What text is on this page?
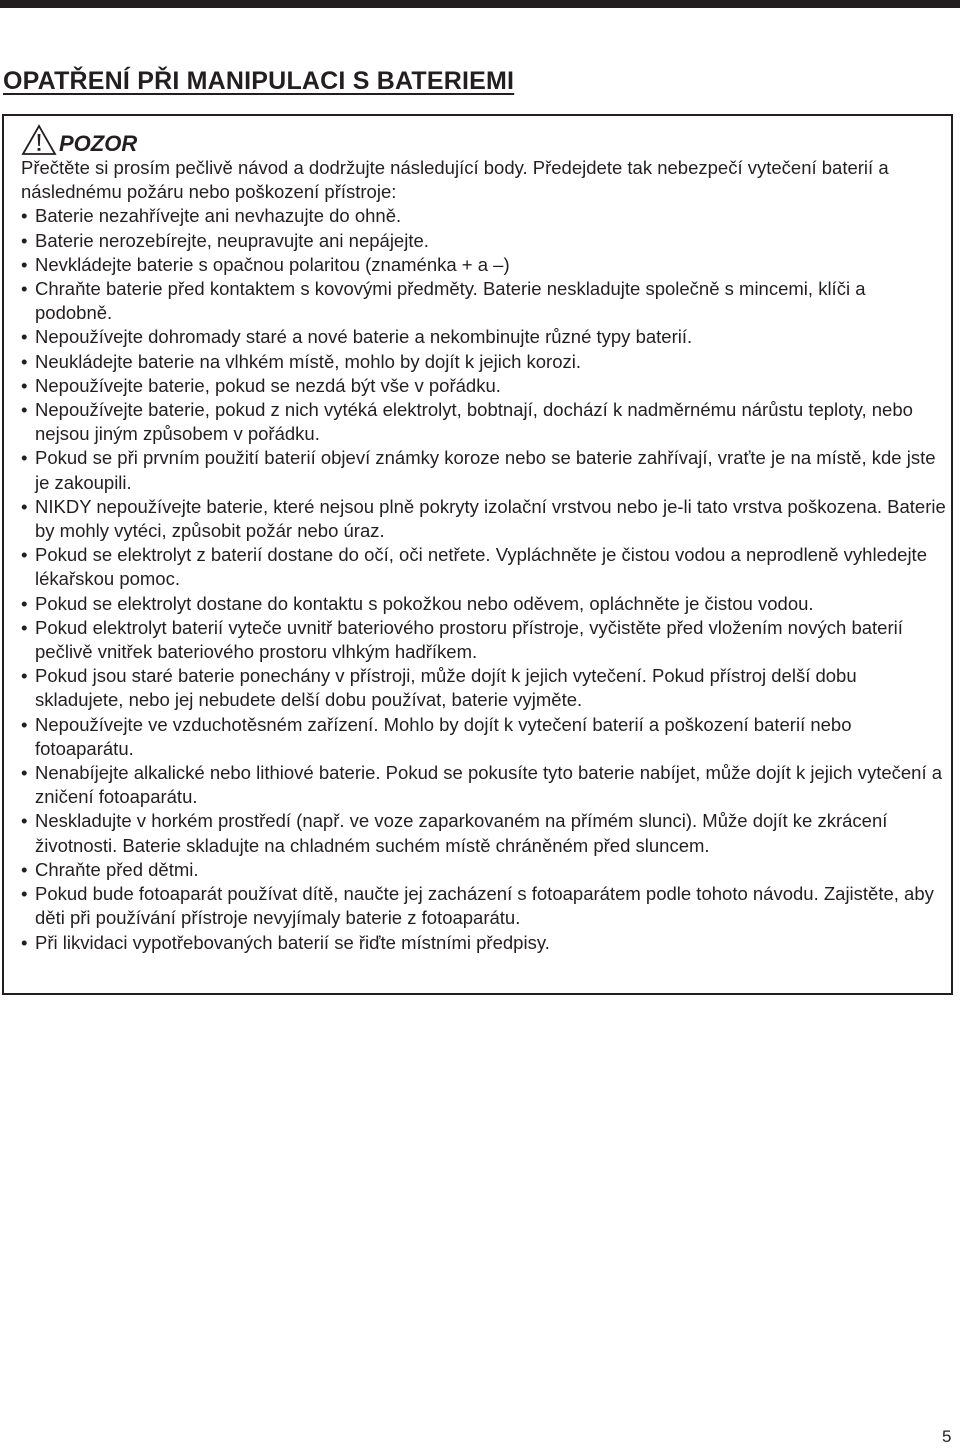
OPATŘENÍ PŘI MANIPULACI S BATERIEMI
POZOR

Přečtěte si prosím pečlivě návod a dodržujte následující body. Předejdete tak nebezpečí vytečení baterií a následnému požáru nebo poškození přístroje:

• Baterie nezahřívejte ani nevhazujte do ohně.
• Baterie nerozebírejte, neupravujte ani nepájejte.
• Nevkládejte baterie s opačnou polaritou (znaménka + a –)
• Chraňte baterie před kontaktem s kovovými předměty. Baterie neskladujte společně s mincemi, klíči a podobně.
• Nepoužívejte dohromady staré a nové baterie a nekombinujte různé typy baterií.
• Neukládejte baterie na vlhkém místě, mohlo by dojít k jejich korozi.
• Nepoužívejte baterie, pokud se nezdá být vše v pořádku.
• Nepoužívejte baterie, pokud z nich vytéká elektrolyt, bobtnají, dochází k nadměrnému nárůstu teploty, nebo nejsou jiným způsobem v pořádku.
• Pokud se při prvním použití baterií objeví známky koroze nebo se baterie zahřívají, vraťte je na místě, kde jste je zakoupili.
• NIKDY nepoužívejte baterie, které nejsou plně pokryty izolační vrstvou nebo je-li tato vrstva poškozena. Baterie by mohly vytéci, způsobit požár nebo úraz.
• Pokud se elektrolyt z baterií dostane do očí, oči netřete. Vypláchněte je čistou vodou a neprodleně vyhledejte lékařskou pomoc.
• Pokud se elektrolyt dostane do kontaktu s pokožkou nebo oděvem, opláchněte je čistou vodou.
• Pokud elektrolyt baterií vyteče uvnitř bateriového prostoru přístroje, vyčistěte před vložením nových baterií pečlivě vnitřek bateriového prostoru vlhkým hadříkem.
• Pokud jsou staré baterie ponechány v přístroji, může dojít k jejich vytečení. Pokud přístroj delší dobu skladujete, nebo jej nebudete delší dobu používat, baterie vyjměte.
• Nepoužívejte ve vzduchotěsném zařízení. Mohlo by dojít k vytečení baterií a poškození baterií nebo fotoaparátu.
• Nenabíjejte alkalické nebo lithiové baterie. Pokud se pokusíte tyto baterie nabíjet, může dojít k jejich vytečení a zničení fotoaparátu.
• Neskladujte v horkém prostředí (např. ve voze zaparkovaném na přímém slunci). Může dojít ke zkrácení životnosti. Baterie skladujte na chladném suchém místě chráněném před sluncem.
• Chraňte před dětmi.
• Pokud bude fotoaparát používat dítě, naučte jej zacházení s fotoaparátem podle tohoto návodu. Zajistěte, aby děti při používání přístroje nevyjímaly baterie z fotoaparátu.
• Při likvidaci vypotřebovaných baterií se řiďte místními předpisy.
5
